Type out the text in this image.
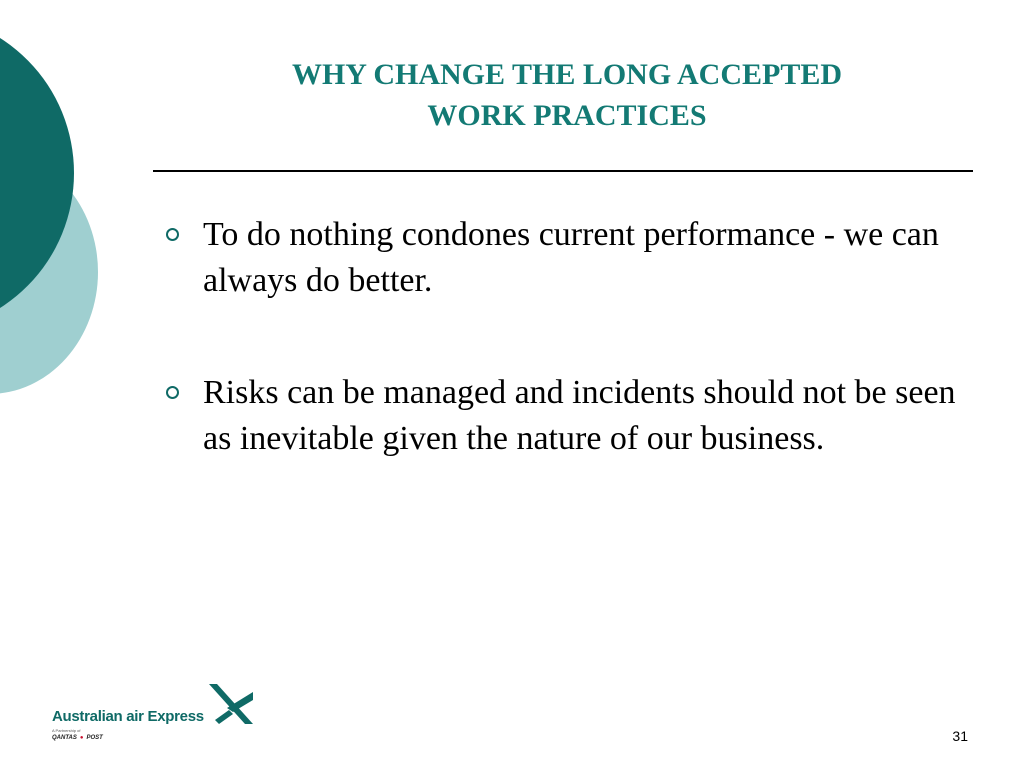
WHY CHANGE THE LONG ACCEPTED
WORK PRACTICES
To do nothing condones current performance - we can always do better.
Risks can be managed and incidents should not be seen as inevitable given the nature of our business.
Australian air Express
A Partnership of
QANTAS ● POST	31
